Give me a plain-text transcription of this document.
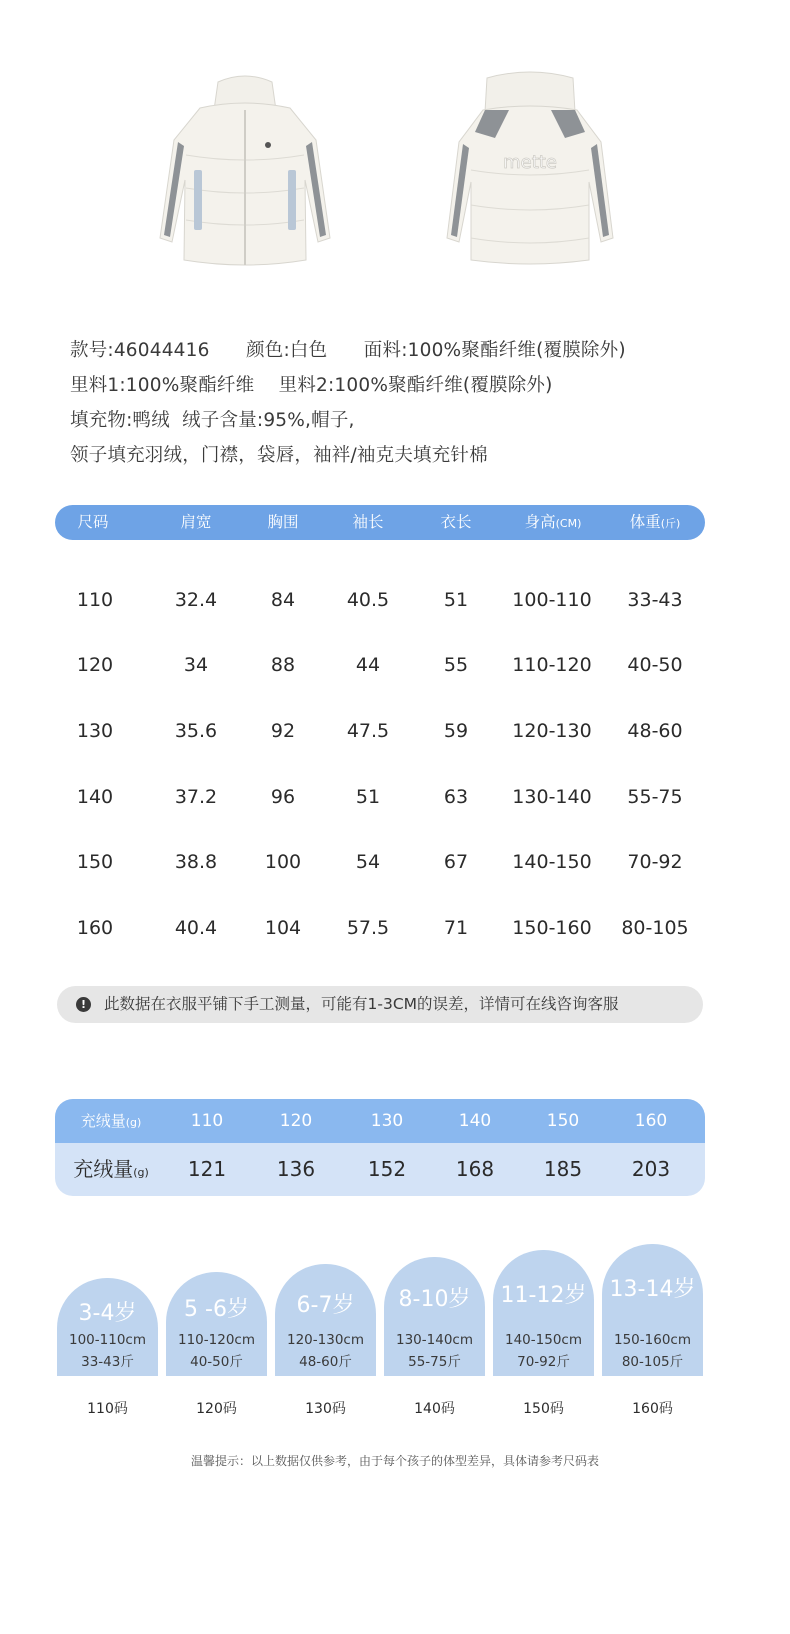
mette
款号:46044416      颜色:白色      面料:100%聚酯纤维(覆膜除外)
里料1:100%聚酯纤维    里料2:100%聚酯纤维(覆膜除外)
填充物:鸭绒  绒子含量:95%,帽子,
领子填充羽绒，门襟，袋唇，袖袢/袖克夫填充针棉
尺码	肩宽	胸围	袖长	衣长	身高(CM)	体重(斤)
110	32.4	84	40.5	51 100-110 33-43
120	34	88	44	55 110-120 40-50
130	35.6	92	47.5	59 120-130 48-60
140	37.2	96	51	63 130-140 55-75
150	38.8	100	54	67 140-150 70-92
160	40.4	104 57.5	71 150-160 80-105
!	此数据在衣服平铺下手工测量，可能有1-3CM的误差，详情可在线咨询客服
充绒量(g)	110	120	130	140	150	160
充绒量(g) 121	136	152 168 185 203
3-4岁
100-110cm
33-43斤
5 -6岁
110-120cm
40-50斤
6-7岁
120-130cm
48-60斤
8-10岁
130-140cm
55-75斤
11-12岁
140-150cm
70-92斤
13-14岁
150-160cm
80-105斤
110码	120码	130码	140码	150码	160码
温馨提示：以上数据仅供参考，由于每个孩子的体型差异，具体请参考尺码表
